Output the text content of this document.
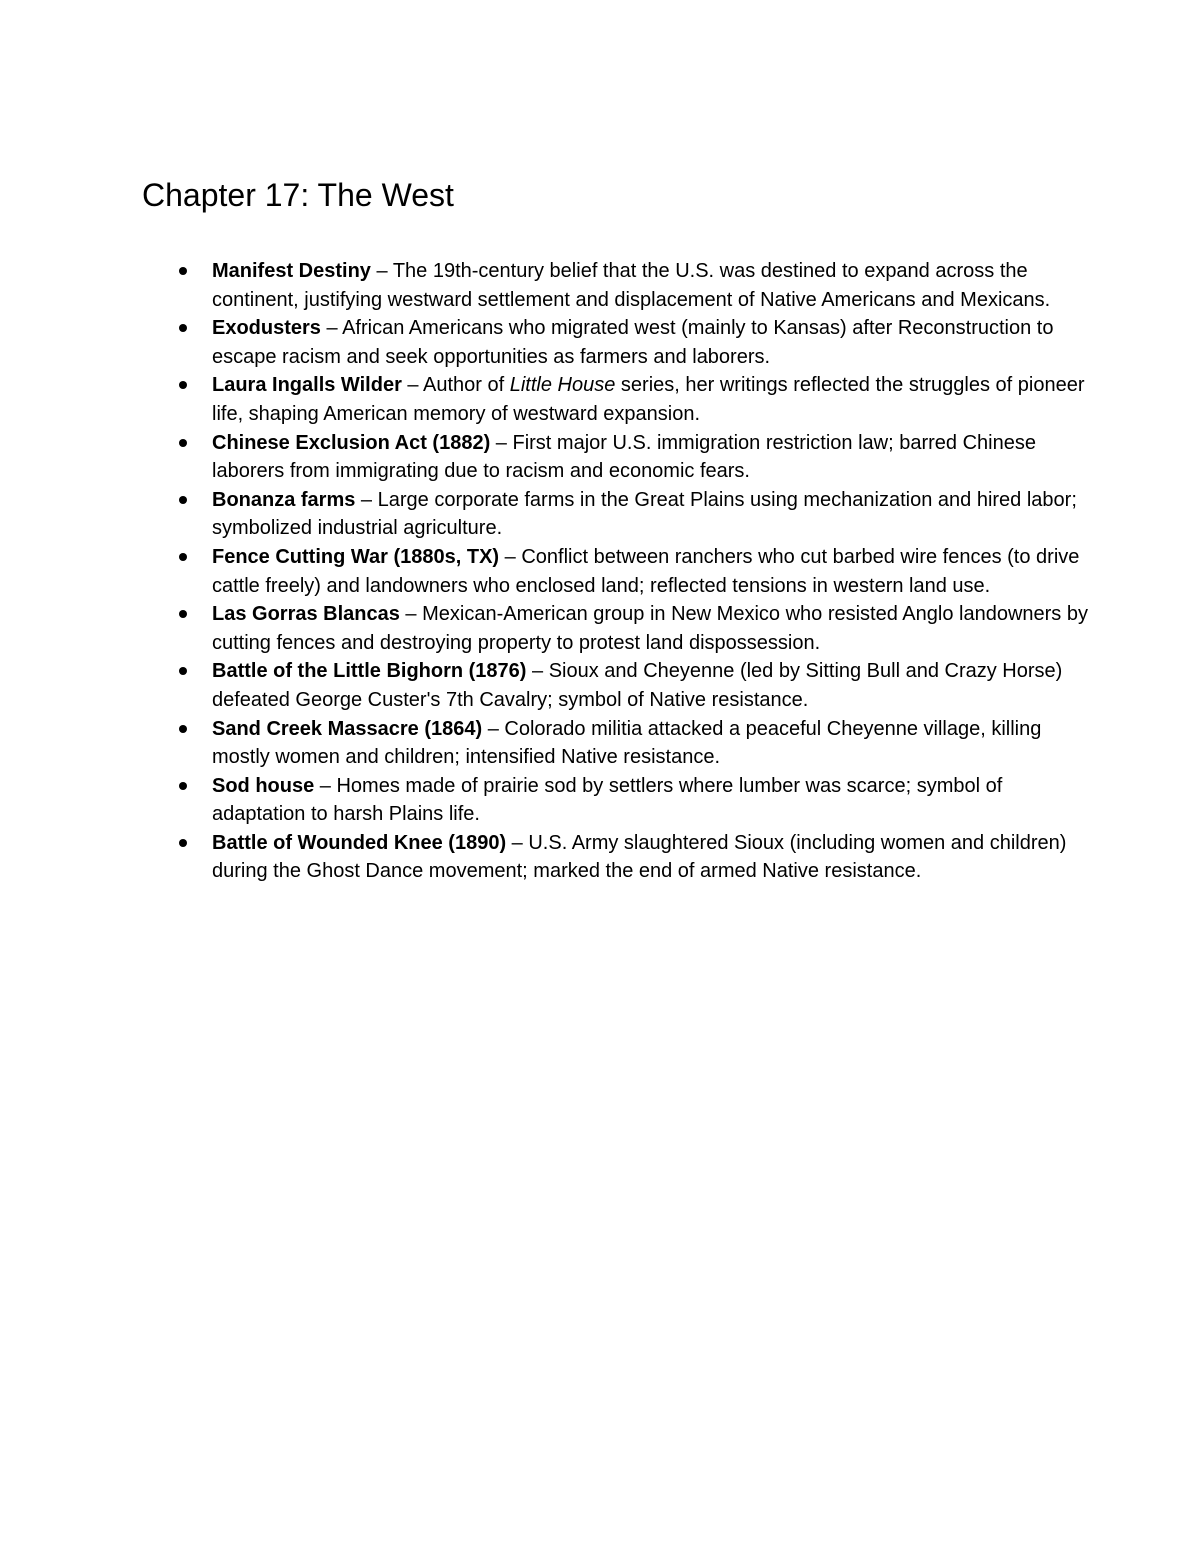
Chapter 17: The West
Manifest Destiny – The 19th-century belief that the U.S. was destined to expand across the continent, justifying westward settlement and displacement of Native Americans and Mexicans.
Exodusters – African Americans who migrated west (mainly to Kansas) after Reconstruction to escape racism and seek opportunities as farmers and laborers.
Laura Ingalls Wilder – Author of Little House series, her writings reflected the struggles of pioneer life, shaping American memory of westward expansion.
Chinese Exclusion Act (1882) – First major U.S. immigration restriction law; barred Chinese laborers from immigrating due to racism and economic fears.
Bonanza farms – Large corporate farms in the Great Plains using mechanization and hired labor; symbolized industrial agriculture.
Fence Cutting War (1880s, TX) – Conflict between ranchers who cut barbed wire fences (to drive cattle freely) and landowners who enclosed land; reflected tensions in western land use.
Las Gorras Blancas – Mexican-American group in New Mexico who resisted Anglo landowners by cutting fences and destroying property to protest land dispossession.
Battle of the Little Bighorn (1876) – Sioux and Cheyenne (led by Sitting Bull and Crazy Horse) defeated George Custer's 7th Cavalry; symbol of Native resistance.
Sand Creek Massacre (1864) – Colorado militia attacked a peaceful Cheyenne village, killing mostly women and children; intensified Native resistance.
Sod house – Homes made of prairie sod by settlers where lumber was scarce; symbol of adaptation to harsh Plains life.
Battle of Wounded Knee (1890) – U.S. Army slaughtered Sioux (including women and children) during the Ghost Dance movement; marked the end of armed Native resistance.
